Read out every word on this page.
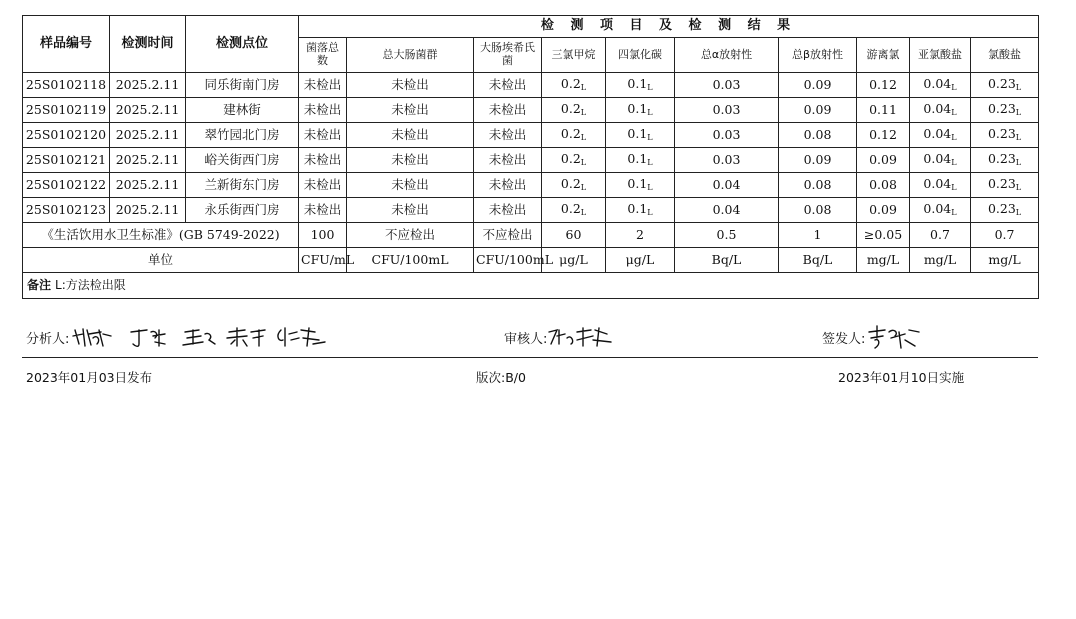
样品编号	检测时间	检测点位	检 测 项 目 及 检 测 结 果									
			菌落总数	总大肠菌群	大肠埃希氏菌	三氯甲烷	四氯化碳	总α放射性	总β放射性	游离氯	亚氯酸盐	氯酸盐
25S0102118	2025.2.11	同乐街南门房	未检出	未检出	未检出	$0.2_L$	$0.1_L$	0.03	0.09	0.12	$0.04_L$	$0.23_L$
25S0102119	2025.2.11	建林街	未检出	未检出	未检出	$0.2_L$	$0.1_L$	0.03	0.09	0.11	$0.04_L$	$0.23_L$
25S0102120	2025.2.11	翠竹园北门房	未检出	未检出	未检出	$0.2_L$	$0.1_L$	0.03	0.08	0.12	$0.04_L$	$0.23_L$
25S0102121	2025.2.11	峪关街西门房	未检出	未检出	未检出	$0.2_L$	$0.1_L$	0.03	0.09	0.09	$0.04_L$	$0.23_L$
25S0102122	2025.2.11	兰新街东门房	未检出	未检出	未检出	$0.2_L$	$0.1_L$	0.04	0.08	0.08	$0.04_L$	$0.23_L$
25S0102123	2025.2.11	永乐街西门房	未检出	未检出	未检出	$0.2_L$	$0.1_L$	0.04	0.08	0.09	$0.04_L$	$0.23_L$
《生活饮用水卫生标准》(GB 5749-2022)			100	不应检出	不应检出	60	2	0.5	1	≥0.05	0.7	0.7
单位			CFU/mL	CFU/100mL	CFU/100mL	μg/L	μg/L	Bq/L	Bq/L	mg/L	mg/L	mg/L
备注 L:方法检出限												
分析人:	审核人:	签发人:
2023年01月03日发布	版次:B/0	2023年01月10日实施
